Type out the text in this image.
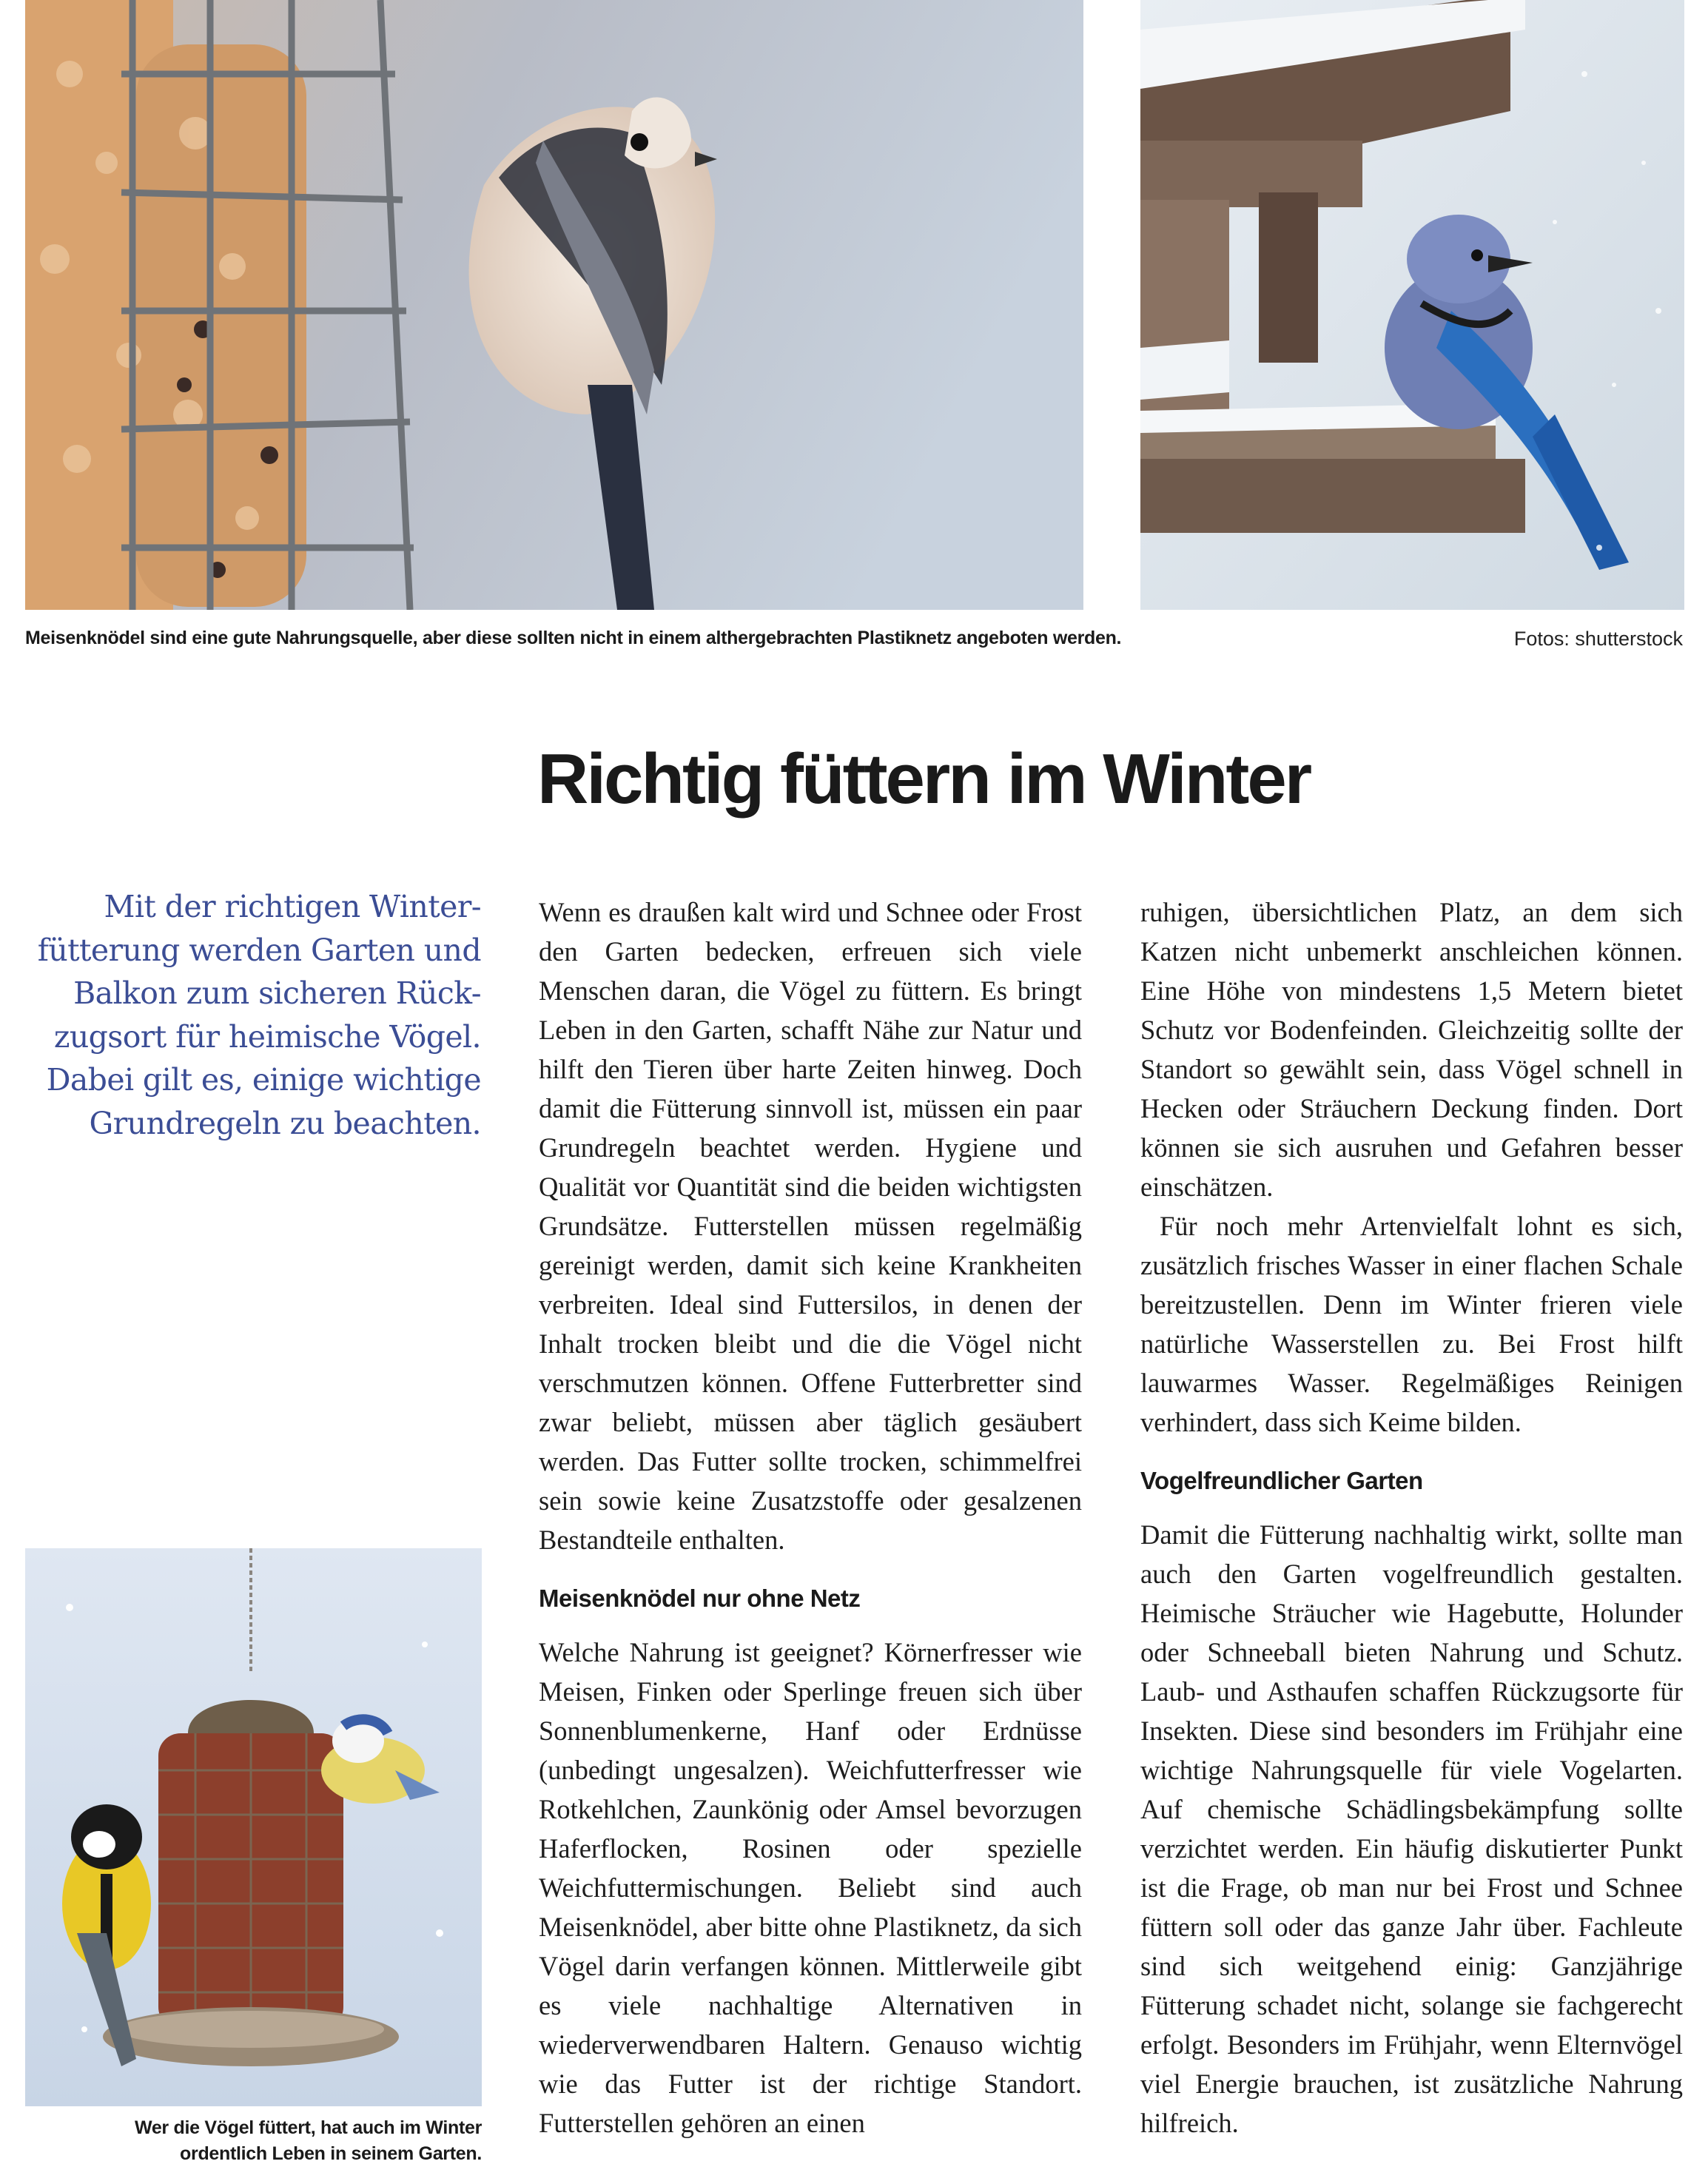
Meisenknödel sind eine gute Nahrungsquelle, aber diese sollten nicht in einem althergebrachten Plastiknetz angeboten werden.	Fotos: shutterstock
Richtig füttern im Winter
Mit der richtigen Winter-
fütterung werden Garten und
Balkon zum sicheren Rück-
zugsort für heimische Vögel.
Dabei gilt es, einige wichtige
Grundregeln zu beachten.
Wer die Vögel füttert, hat auch im Winter
ordentlich Leben in seinem Garten.

Wenn es draußen kalt wird und Schnee oder Frost den Garten bedecken, erfreuen sich viele Menschen daran, die Vögel zu füttern. Es bringt Leben in den Garten, schafft Nähe zur Natur und hilft den Tieren über harte Zeiten hinweg. Doch damit die Fütterung sinnvoll ist, müssen ein paar Grundregeln beachtet werden. Hygiene und Qualität vor Quantität sind die beiden wichtigsten Grundsätze. Futterstellen müssen regelmäßig gereinigt werden, damit sich keine Krankheiten verbreiten. Ideal sind Futtersilos, in denen der Inhalt trocken bleibt und die die Vögel nicht verschmutzen können. Offene Futterbretter sind zwar beliebt, müssen aber täglich gesäubert werden. Das Futter sollte trocken, schimmelfrei sein sowie keine Zusatzstoffe oder gesalzenen Bestandteile enthalten.

Meisenknödel nur ohne Netz

Welche Nahrung ist geeignet? Körnerfresser wie Meisen, Finken oder Sperlinge freuen sich über Sonnenblumenkerne, Hanf oder Erdnüsse (unbedingt ungesalzen). Weichfutterfresser wie Rotkehlchen, Zaunkönig oder Amsel bevorzugen Haferflocken, Rosinen oder spezielle Weichfuttermischungen. Beliebt sind auch Meisenknödel, aber bitte ohne Plastiknetz, da sich Vögel darin verfangen können. Mittlerweile gibt es viele nachhaltige Alternativen in wiederverwendbaren Haltern. Genauso wichtig wie das Futter ist der richtige Standort. Futterstellen gehören an einen

ruhigen, übersichtlichen Platz, an dem sich Katzen nicht unbemerkt anschleichen können. Eine Höhe von mindestens 1,5 Metern bietet Schutz vor Bodenfeinden. Gleichzeitig sollte der Standort so gewählt sein, dass Vögel schnell in Hecken oder Sträuchern Deckung finden. Dort können sie sich ausruhen und Gefahren besser einschätzen.

Für noch mehr Artenvielfalt lohnt es sich, zusätzlich frisches Wasser in einer flachen Schale bereitzustellen. Denn im Winter frieren viele natürliche Wasserstellen zu. Bei Frost hilft lauwarmes Wasser. Regelmäßiges Reinigen verhindert, dass sich Keime bilden.

Vogelfreundlicher Garten

Damit die Fütterung nachhaltig wirkt, sollte man auch den Garten vogelfreundlich gestalten. Heimische Sträucher wie Hagebutte, Holunder oder Schneeball bieten Nahrung und Schutz. Laub- und Asthaufen schaffen Rückzugsorte für Insekten. Diese sind besonders im Frühjahr eine wichtige Nahrungsquelle für viele Vogelarten. Auf chemische Schädlingsbekämpfung sollte verzichtet werden. Ein häufig diskutierter Punkt ist die Frage, ob man nur bei Frost und Schnee füttern soll oder das ganze Jahr über. Fachleute sind sich weitgehend einig: Ganzjährige Fütterung schadet nicht, solange sie fachgerecht erfolgt. Besonders im Frühjahr, wenn Elternvögel viel Energie brauchen, ist zusätzliche Nahrung hilfreich.
